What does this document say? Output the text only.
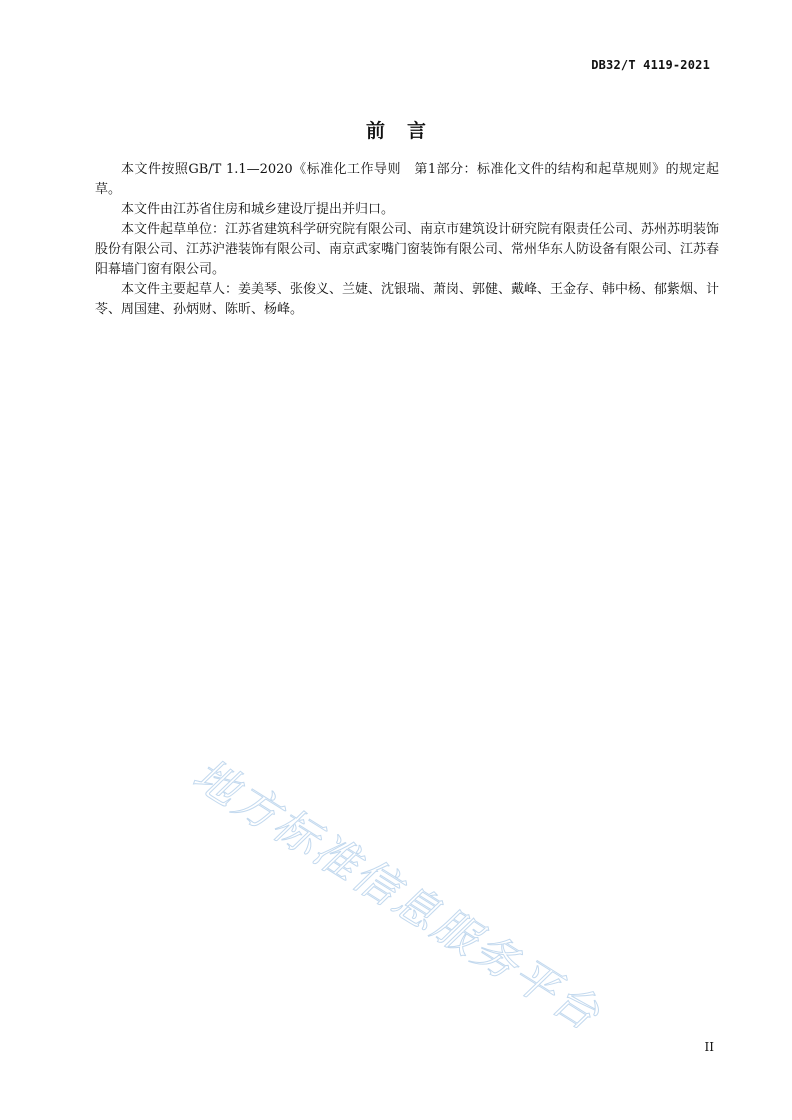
DB32/T 4119-2021
前言

本文件按照GB/T 1.1—2020《标准化工作导则　第1部分：标准化文件的结构和起草规则》的规定起草。

本文件由江苏省住房和城乡建设厅提出并归口。

本文件起草单位：江苏省建筑科学研究院有限公司、南京市建筑设计研究院有限责任公司、苏州苏明装饰股份有限公司、江苏沪港装饰有限公司、南京武家嘴门窗装饰有限公司、常州华东人防设备有限公司、江苏春阳幕墙门窗有限公司。

本文件主要起草人：姜美琴、张俊义、兰婕、沈银瑞、萧岗、郭健、戴峰、王金存、韩中杨、郁紫烟、计苓、周国建、孙炳财、陈昕、杨峰。

地方标准信息服务平台
II
